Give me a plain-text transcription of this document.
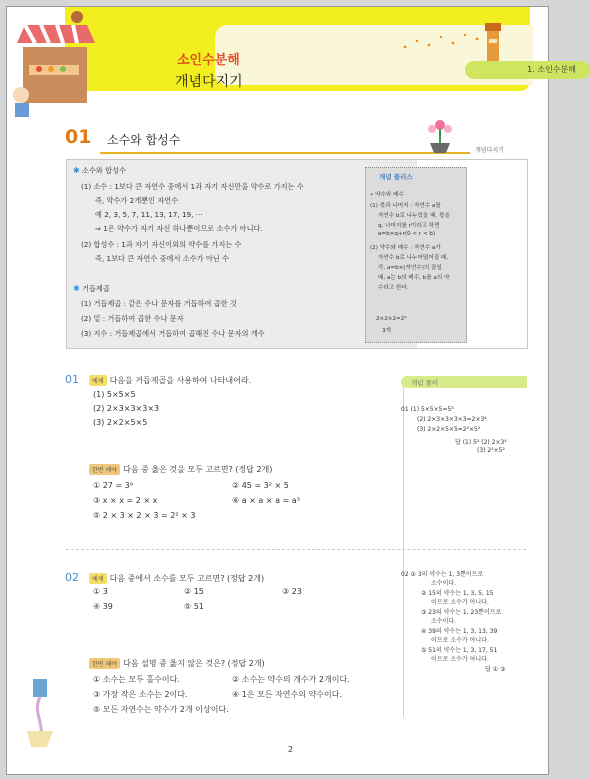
소인수분해
개념다지기
1. 소인수분해
01 소수와 합성수
개념다지기
✱ 소수와 합성수
(1) 소수 : 1보다 큰 자연수 중에서 1과 자기 자신만을 약수로 가지는 수
즉, 약수가 2개뿐인 자연수
예 2, 3, 5, 7, 11, 13, 17, 19, ···
⇒ 1은 약수가 자기 자신 하나뿐이므로 소수가 아니다.
(2) 합성수 : 1과 자기 자신이외의 약수를 가지는 수
즉, 1보다 큰 자연수 중에서 소수가 아닌 수
✱ 거듭제곱
(1) 거듭제곱 : 같은 수나 문자를 거듭하여 곱한 것
(2) 밑 : 거듭하여 곱한 수나 문자
(3) 지수 : 거듭제곱에서 거듭하여 곱해진 수나 문자의 개수
개념 플러스
• 약수와 배수
(1) 몫과 나머지 : 자연수 a를
자연수 b로 나누었을 때, 몫을
q, 나머지를 r이라고 하면
a=b×q+r(0 < r < b)
(2) 약수와 배수 : 자연수 a가
자연수 b로 나누어떨어질 때,
즉, a=b×(자연수)의 꼴일
때, a는 b의 배수, b를 a의 약
수라고 한다.
2×2×2=2³
3개
01	예제 다음을 거듭제곱을 사용하여 나타내어라.
(1) 5×5×5
(2) 2×3×3×3×3
(3) 2×2×5×5
한번 해야 다음 중 옳은 것을 모두 고르면? (정답 2개)
① 27 = 3⁹	② 45 = 3² × 5
③ x × x = 2 × x	④ a × a × a = a³
⑤ 2 × 3 × 2 × 3 = 2² × 3
02	예제 다음 중에서 소수를 모두 고르면? (정답 2개)
① 3	② 15	③ 23
④ 39	⑤ 51
한번 해야 다음 설명 중 옳지 않은 것은? (정답 2개)
① 소수는 모두 홀수이다.	② 소수는 약수의 개수가 2개이다.
③ 가장 작은 소수는 2이다.	④ 1은 모든 자연수의 약수이다.
⑤ 모든 자연수는 약수가 2개 이상이다.
개념 풀이
01 (1) 5×5×5=5³
(2) 2×3×3×3×3=2×3⁴
(3) 2×2×5×5=2²×5²
답 (1) 5³ (2) 2×3⁴
(3) 2²×5²
02 ① 3의 약수는 1, 3뿐이므로
소수이다.
② 15의 약수는 1, 3, 5, 15
이므로 소수가 아니다.
③ 23의 약수는 1, 23뿐이므로
소수이다.
④ 39의 약수는 1, 3, 13, 39
이므로 소수가 아니다.
⑤ 51의 약수는 1, 3, 17, 51
이므로 소수가 아니다.
답 ① ③
2
